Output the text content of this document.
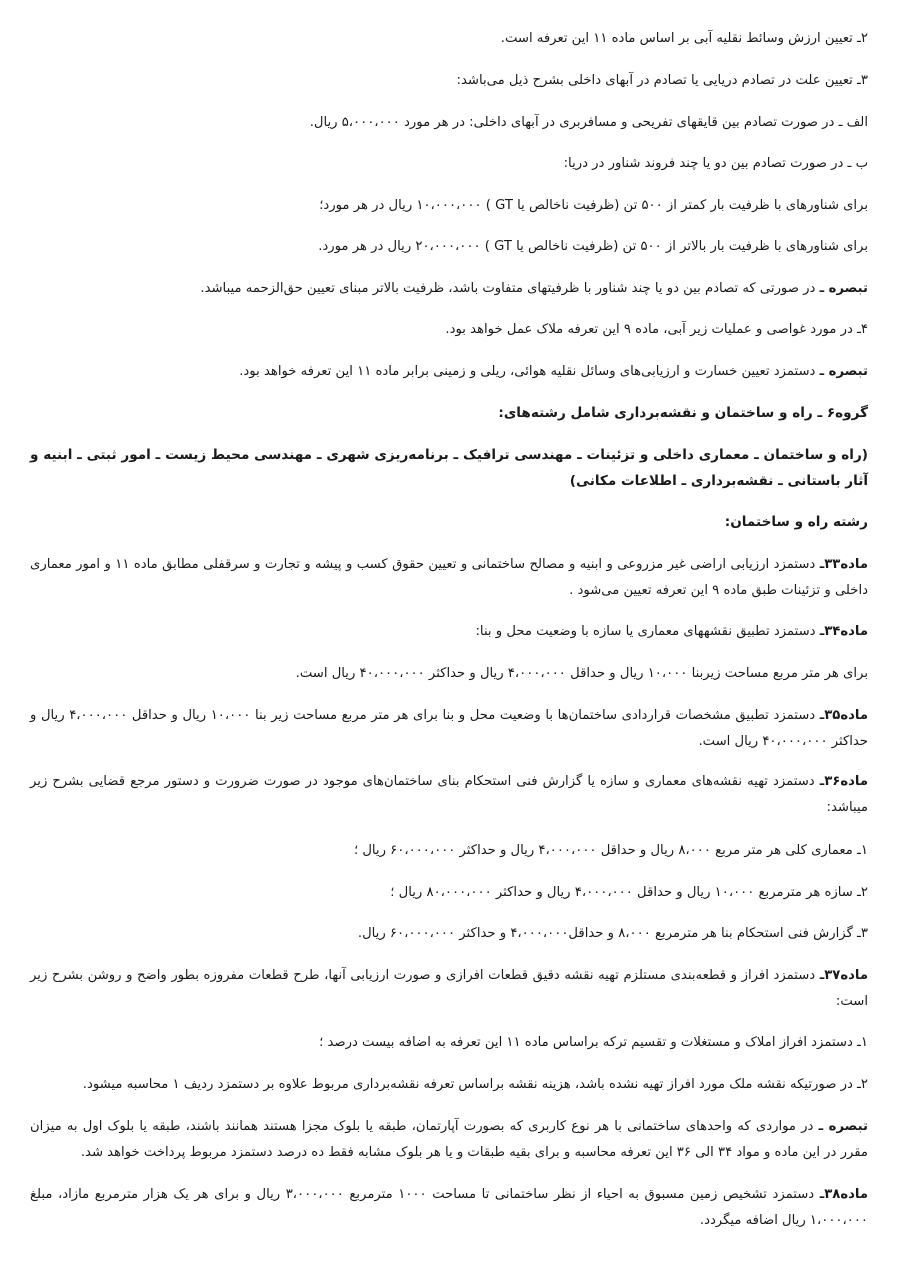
۲ـ تعیین ارزش وسائط نقلیه آبی بر اساس ماده ۱۱ این تعرفه است.

۳ـ تعیین علت در تصادم دریایی یا تصادم در آبهای داخلی بشرح ذیل می‌باشد:

الف ـ در صورت تصادم بین قایقهای تفریحی و مسافربری در آبهای داخلی: در هر مورد ۵،۰۰۰،۰۰۰ ریال.

ب ـ در صورت تصادم بین دو یا چند فروند شناور در دریا:

برای شناورهای با ظرفیت بار کمتر از ۵۰۰ تن (ظرفیت ناخالص یا GT ) ۱۰،۰۰۰،۰۰۰ ریال در هر مورد؛

برای شناورهای با ظرفیت بار بالاتر از ۵۰۰ تن (ظرفیت ناخالص یا GT ) ۲۰،۰۰۰،۰۰۰ ریال در هر مورد.

تبصره ـ در صورتی که تصادم بین دو یا چند شناور با ظرفیتهای متفاوت باشد، ظرفیت بالاتر مبنای تعیین حق‌الزحمه میباشد.

۴ـ در مورد غواصی و عملیات زیر آبی، ماده ۹ این تعرفه ملاک عمل خواهد بود.

تبصره ـ دستمزد تعیین خسارت و ارزیابی‌های وسائل نقلیه هوائی، ریلی و زمینی برابر ماده ۱۱ این تعرفه خواهد بود.

گروه۶ ـ راه و ساختمان و نقشه‌برداری شامل رشته‌های:

(راه و ساختمان ـ معماری داخلی و تزئینات ـ مهندسی ترافیک ـ برنامه‌ریزی شهری ـ مهندسی محیط زیست ـ امور ثبتی ـ ابنیه و آثار باستانی ـ نقشه‌برداری ـ اطلاعات مکانی)

رشته راه و ساختمان:

ماده۳۳ـ دستمزد ارزیابی اراضی غیر مزروعی و ابنیه و مصالح ساختمانی و تعیین حقوق کسب و پیشه و تجارت و سرقفلی مطابق ماده ۱۱ و امور معماری داخلی و تزئینات طبق ماده ۹ این تعرفه تعیین می‌شود .

ماده۳۴ـ دستمزد تطبیق نقشههای معماری یا سازه با وضعیت محل و بنا:

برای هر متر مربع مساحت زیربنا ۱۰،۰۰۰ ریال و حداقل ۴،۰۰۰،۰۰۰ ریال و حداکثر ۴۰،۰۰۰،۰۰۰ ریال است.

ماده۳۵ـ دستمزد تطبیق مشخصات قراردادی ساختمان‌ها با وضعیت محل و بنا برای هر متر مربع مساحت زیر بنا ۱۰،۰۰۰ ریال و حداقل ۴،۰۰۰،۰۰۰ ریال و حداکثر ۴۰،۰۰۰،۰۰۰ ریال است.

ماده۳۶ـ دستمزد تهیه نقشه‌های معماری و سازه یا گزارش فنی استحکام بنای ساختمان‌های موجود در صورت ضرورت و دستور مرجع قضایی بشرح زیر میباشد:

۱ـ معماری کلی هر متر مربع ۸،۰۰۰ ریال و حداقل ۴،۰۰۰،۰۰۰ ریال و حداکثر ۶۰،۰۰۰،۰۰۰ ریال ؛

۲ـ سازه هر مترمربع ۱۰،۰۰۰ ریال و حداقل ۴،۰۰۰،۰۰۰ ریال و حداکثر ۸۰،۰۰۰،۰۰۰ ریال ؛

۳ـ گزارش فنی استحکام بنا هر مترمربع ۸،۰۰۰ و حداقل۴،۰۰۰،۰۰۰ و حداکثر ۶۰،۰۰۰،۰۰۰ ریال.

ماده۳۷ـ دستمزد افراز و قطعه‌بندی مستلزم تهیه نقشه دقیق قطعات افرازی و صورت ارزیابی آنها، طرح قطعات مفروزه بطور واضح و روشن بشرح زیر است:

۱ـ دستمزد افراز املاک و مستغلات و تقسیم ترکه براساس ماده ۱۱ این تعرفه به اضافه بیست درصد ؛

۲ـ در صورتیکه نقشه ملک مورد افراز تهیه نشده باشد، هزینه نقشه براساس تعرفه نقشه‌برداری مربوط علاوه بر دستمزد ردیف ۱ محاسبه میشود.

تبصره ـ در مواردی که واحدهای ساختمانی با هر نوع کاربری که بصورت آپارتمان، طبقه یا بلوک مجزا هستند همانند باشند، طبقه یا بلوک اول به میزان مقرر در این ماده و مواد ۳۴ الی ۳۶ این تعرفه محاسبه و برای بقیه طبقات و یا هر بلوک مشابه فقط ده درصد دستمزد مربوط پرداخت خواهد شد.

ماده۳۸ـ دستمزد تشخیص زمین مسبوق به احیاء از نظر ساختمانی تا مساحت ۱۰۰۰ مترمربع ۳،۰۰۰،۰۰۰ ریال و برای هر یک هزار مترمربع مازاد، مبلغ ۱،۰۰۰،۰۰۰ ریال اضافه میگردد.
